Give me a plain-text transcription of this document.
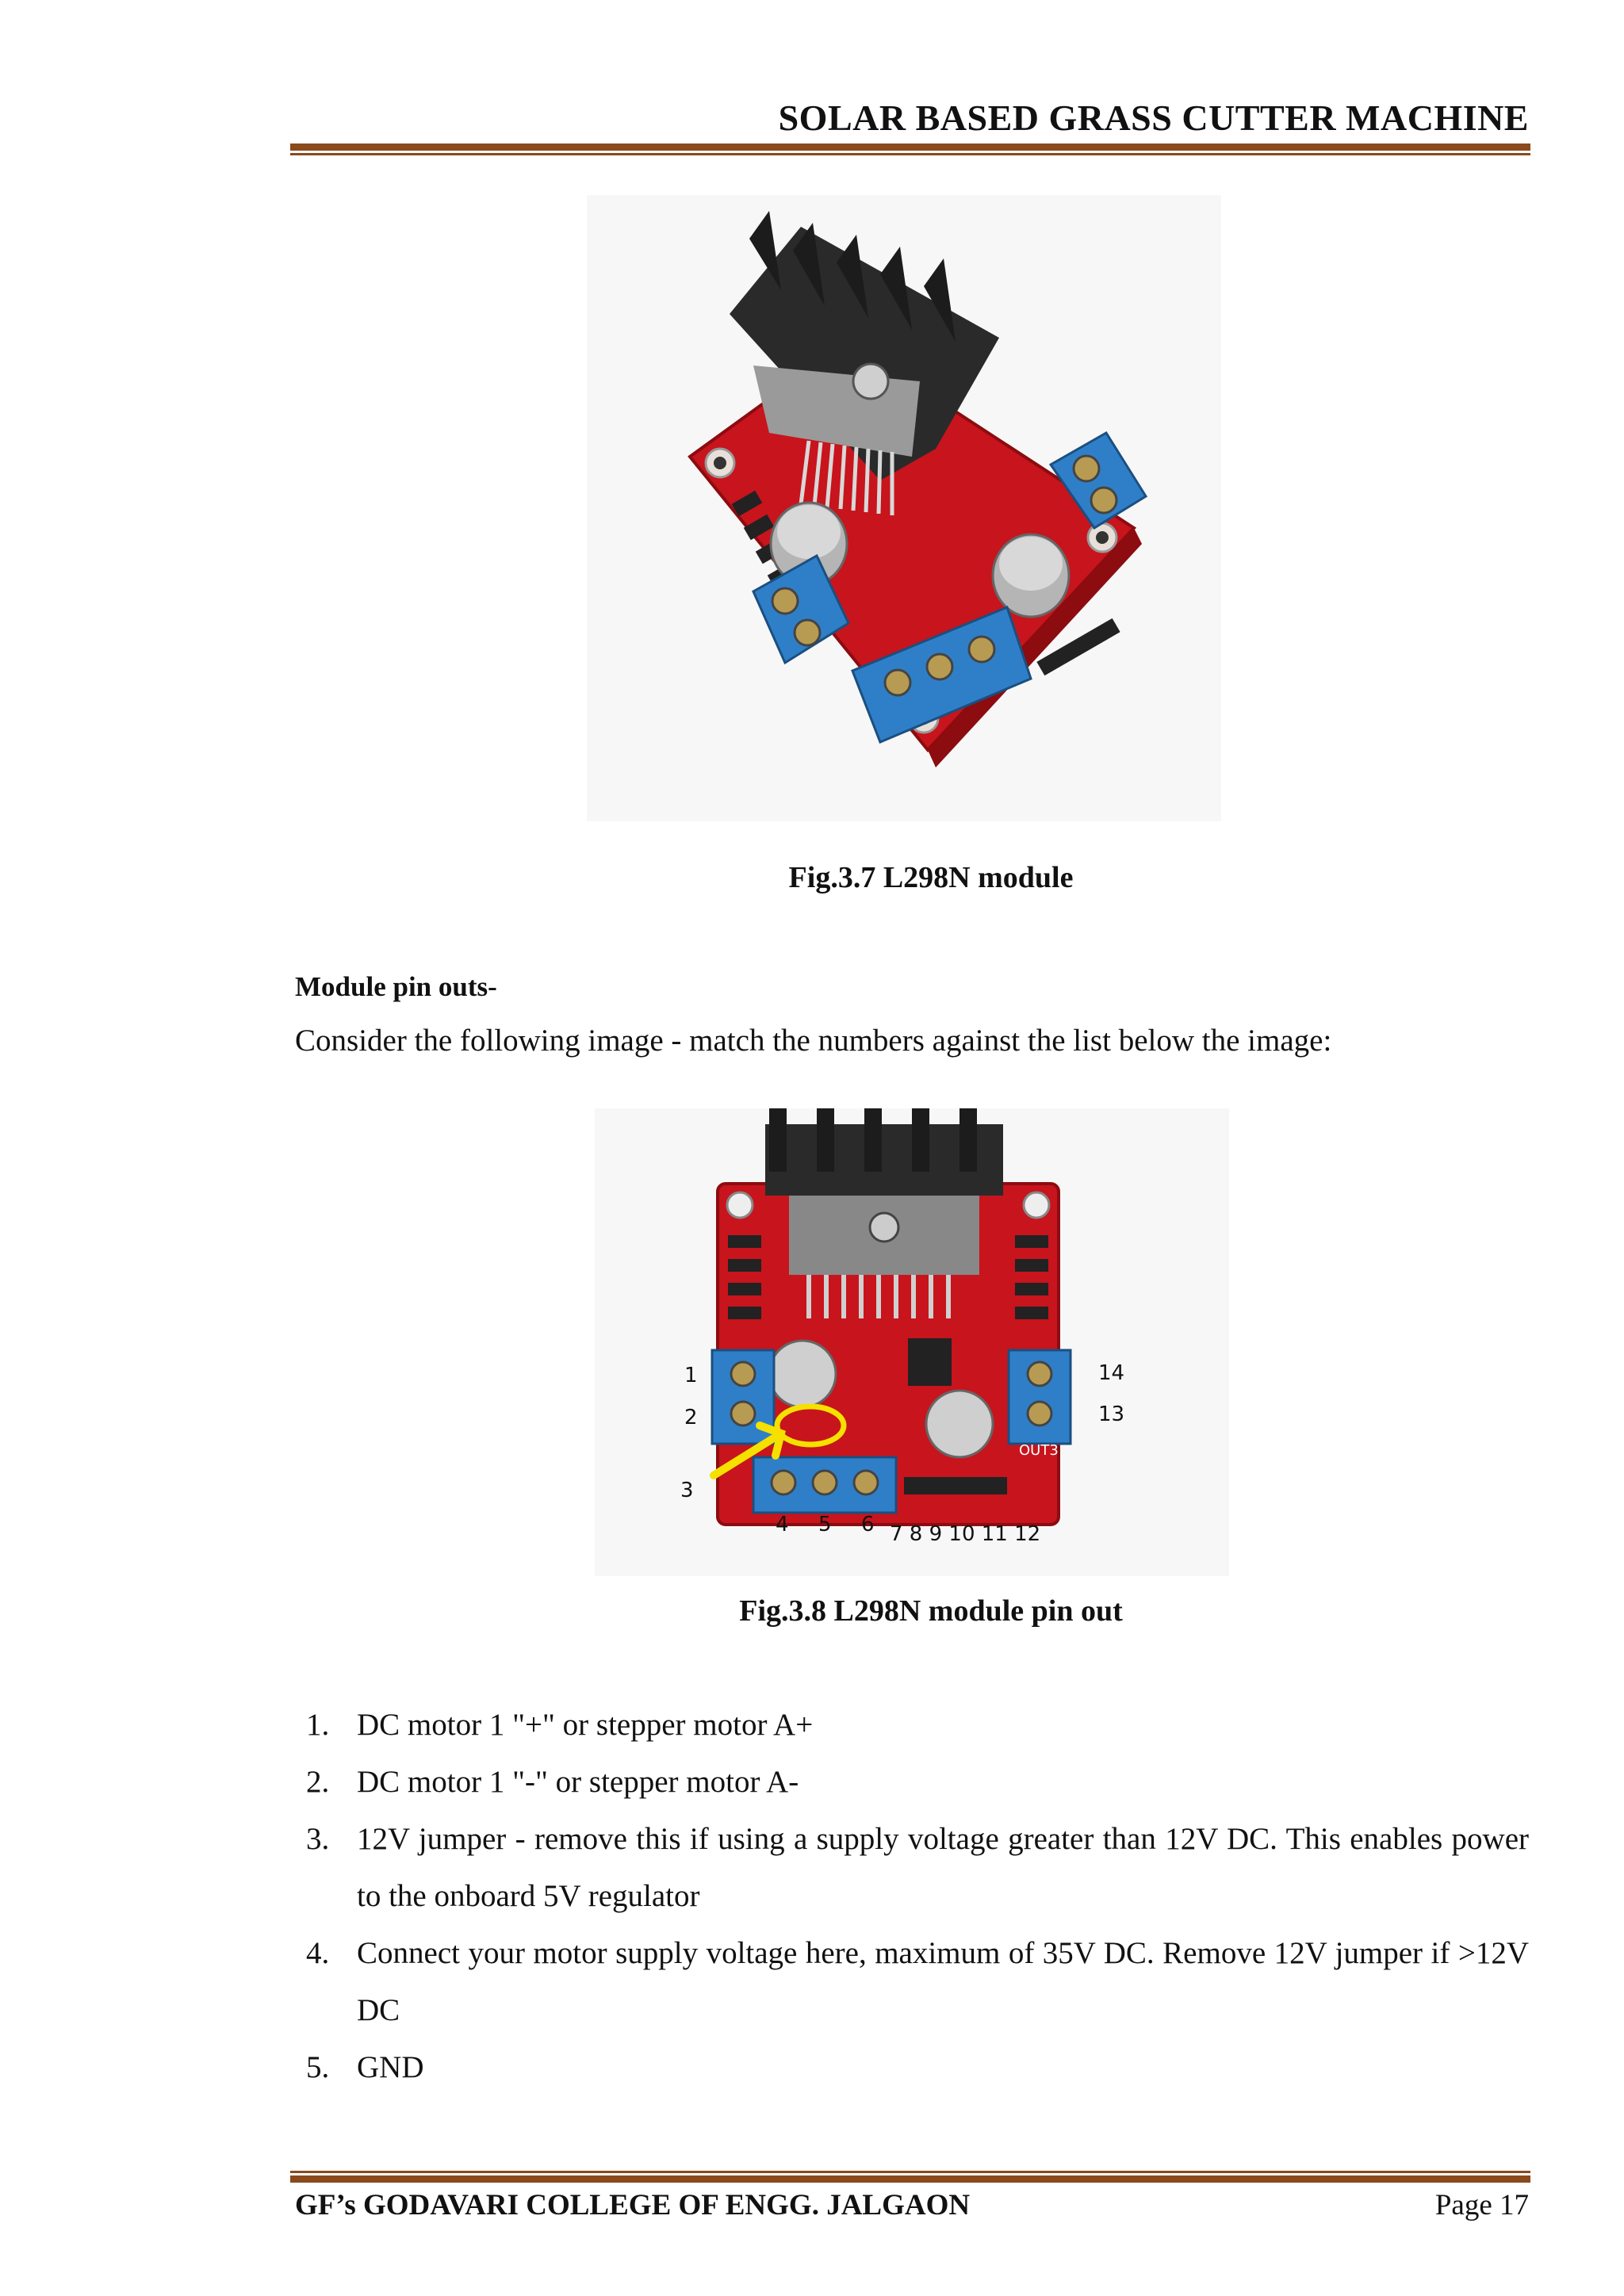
SOLAR BASED GRASS CUTTER MACHINE
Fig.3.7 L298N module
Module pin outs-
Consider the following image - match the numbers against the list below the image:
OUT3
1
2
3
4 5 6 7 8 9 10 11 12
13
14
Fig.3.8 L298N module pin out
1. DC motor 1 "+" or stepper motor A+
2. DC motor 1 "-" or stepper motor A-
3. 12V jumper - remove this if using a supply voltage greater than 12V DC. This enables power to the onboard 5V regulator
4. Connect your motor supply voltage here, maximum of 35V DC. Remove 12V jumper if >12V DC
5. GND
GF’s GODAVARI COLLEGE OF ENGG. JALGAON	Page 17
